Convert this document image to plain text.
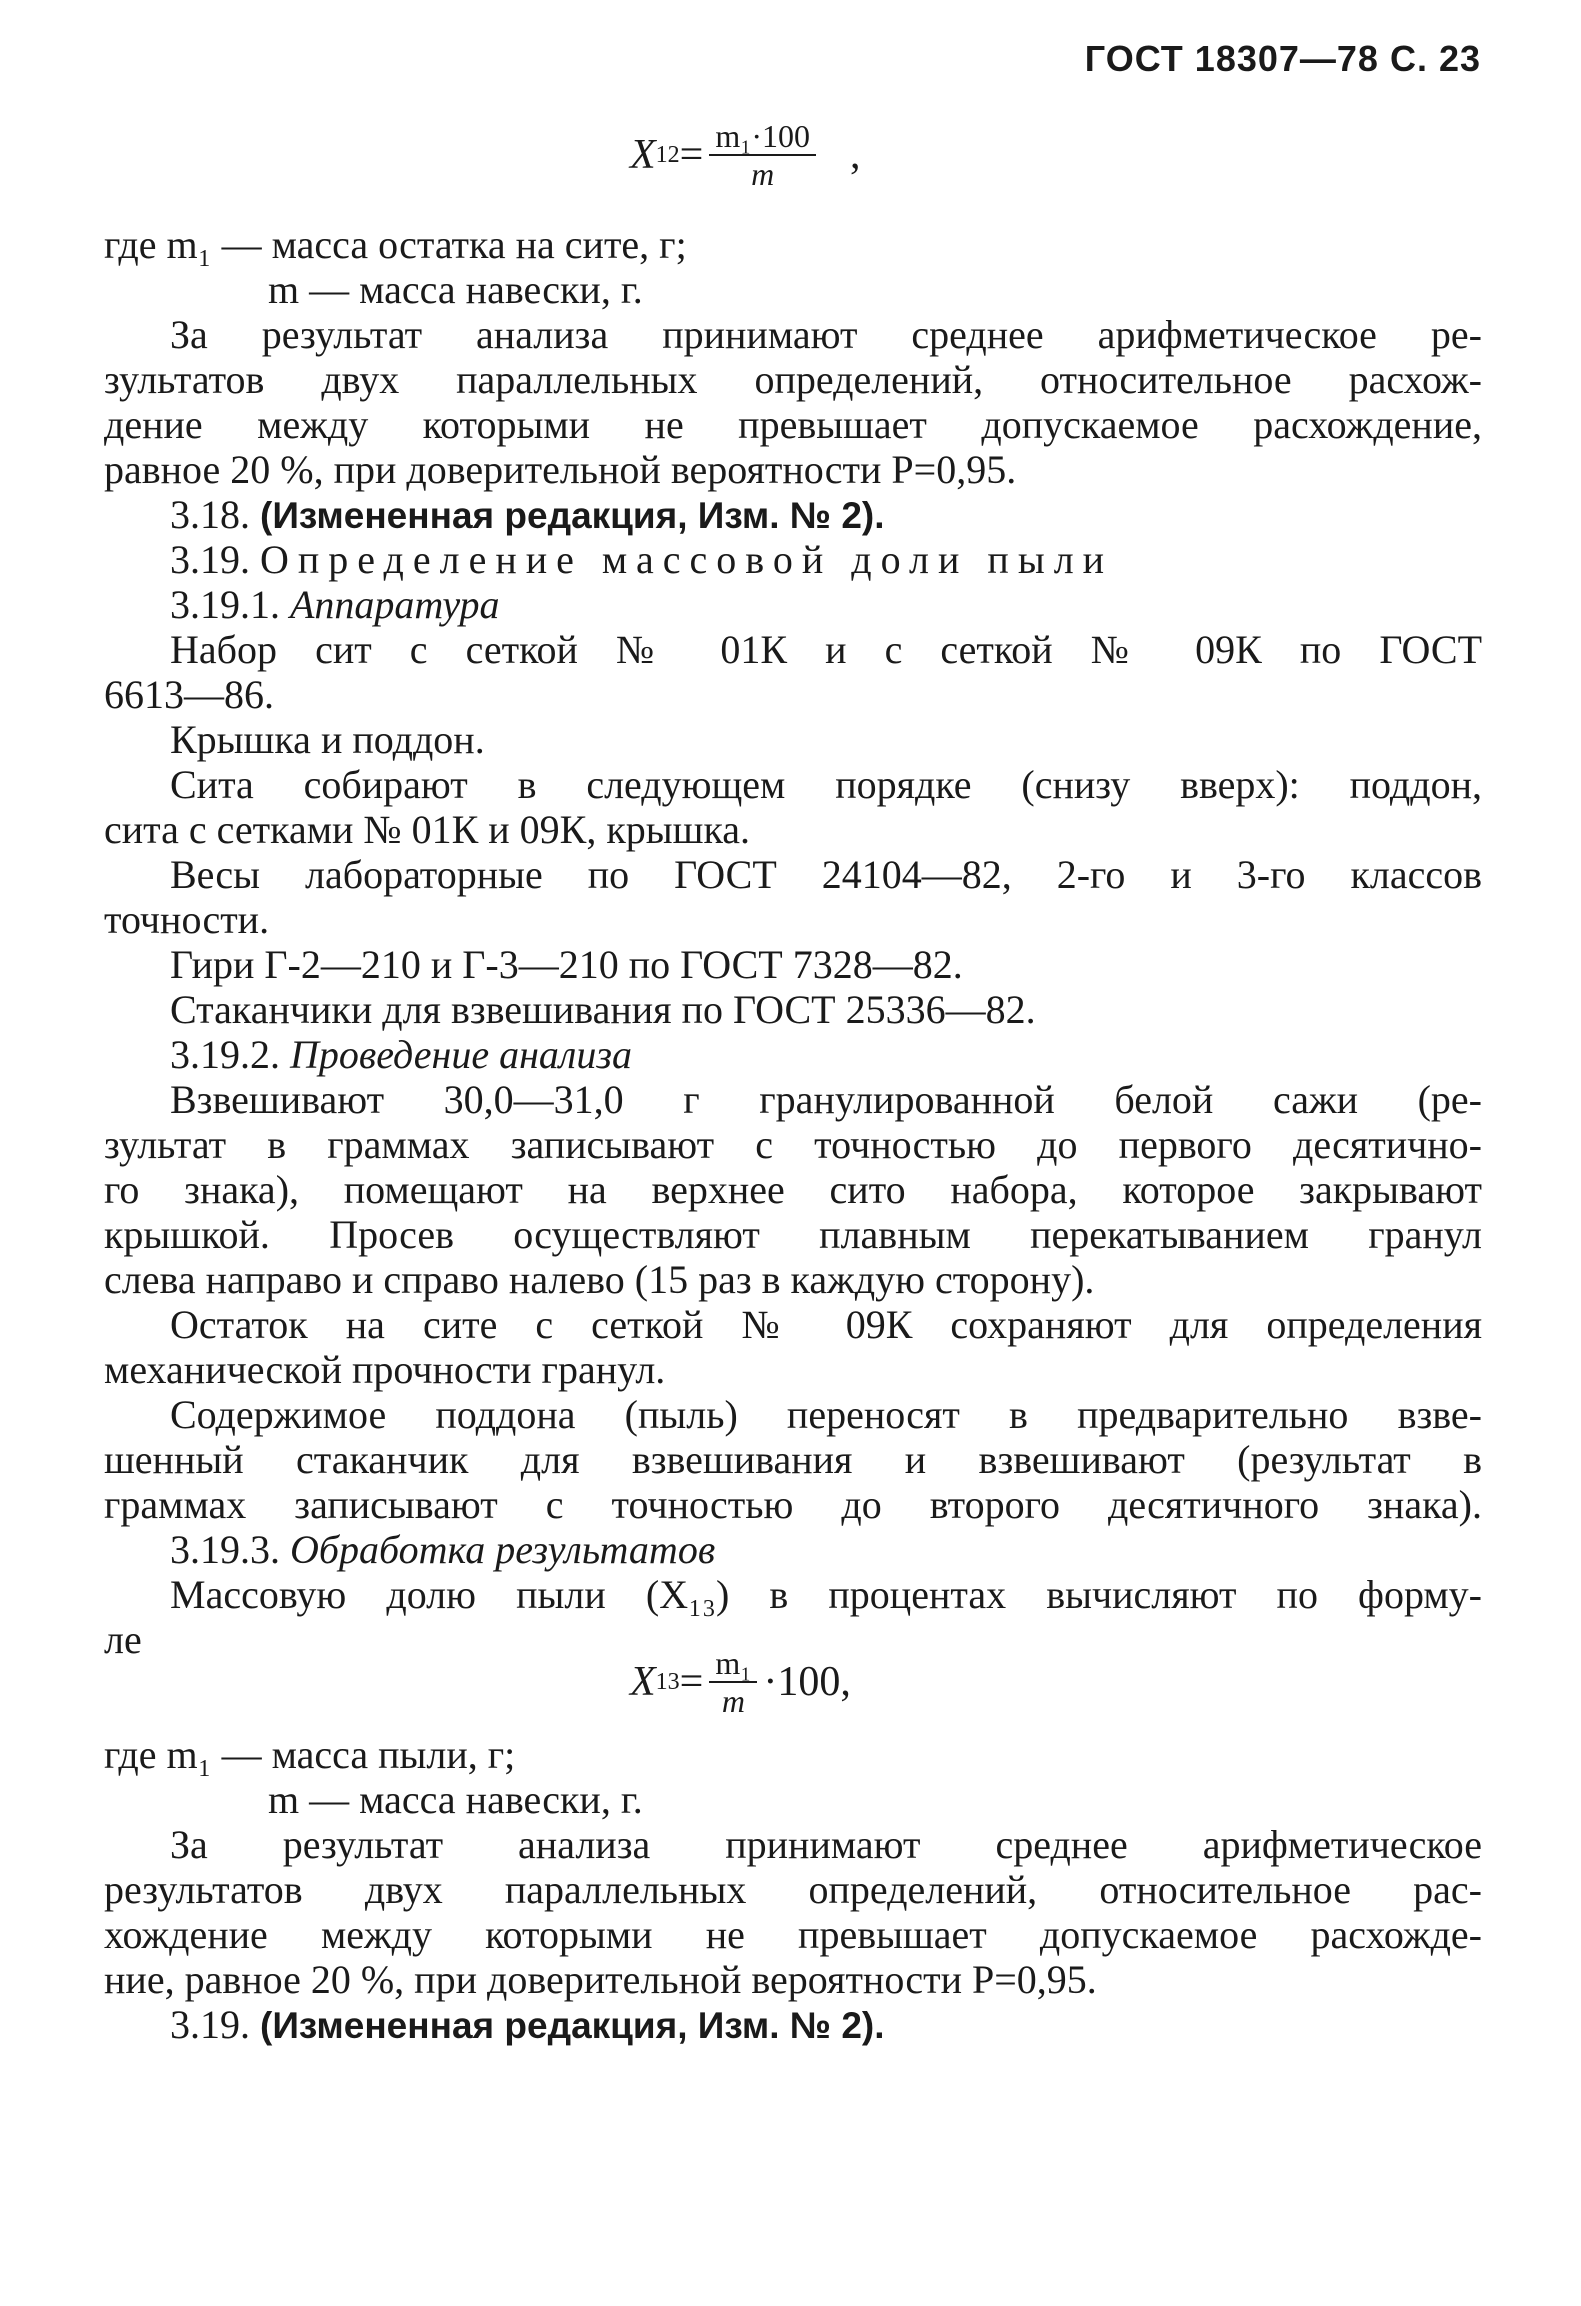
ГОСТ 18307—78 С. 23
X $12 = \frac{\text{m₁·100}}{m}$ ,
где m₁ — масса остатка на сите, г;
m — масса навески, г.
За результат анализа принимают среднее арифметическое ре-
зультатов двух параллельных определений, относительное расхож-
дение между которыми не превышает допускаемое расхождение,
равное 20 %, при доверительной вероятности P=0,95.
3.18. (Измененная редакция, Изм. № 2).
3.19. Определение массовой доли пыли
3.19.1. Аппаратура
Набор сит с сеткой № 01К и с сеткой № 09К по ГОСТ
6613—86.
Крышка и поддон.
Сита собирают в следующем порядке (снизу вверх): поддон,
сита с сетками № 01К и 09К, крышка.
Весы лабораторные по ГОСТ 24104—82, 2-го и 3-го классов
точности.
Гири Г-2—210 и Г-3—210 по ГОСТ 7328—82.
Стаканчики для взвешивания по ГОСТ 25336—82.
3.19.2. Проведение анализа
Взвешивают 30,0—31,0 г гранулированной белой сажи (ре-
зультат в граммах записывают с точностью до первого десятично-
го знака), помещают на верхнее сито набора, которое закрывают
крышкой. Просев осуществляют плавным перекатыванием гранул
слева направо и справо налево (15 раз в каждую сторону).
Остаток на сите с сеткой № 09К сохраняют для определения
механической прочности гранул.
Содержимое поддона (пыль) переносят в предварительно взве-
шенный стаканчик для взвешивания и взвешивают (результат в
граммах записывают с точностью до второго десятичного знака).
3.19.3. Обработка результатов
Массовую долю пыли (X₁₃) в процентах вычисляют по форму-
ле
X $13 = \frac{\text{m₁}}{m} \cdot 100$,
где m₁ — масса пыли, г;
m — масса навески, г.
За результат анализа принимают среднее арифметическое
результатов двух параллельных определений, относительное рас-
хождение между которыми не превышает допускаемое расхожде-
ние, равное 20 %, при доверительной вероятности P=0,95.
3.19. (Измененная редакция, Изм. № 2).
